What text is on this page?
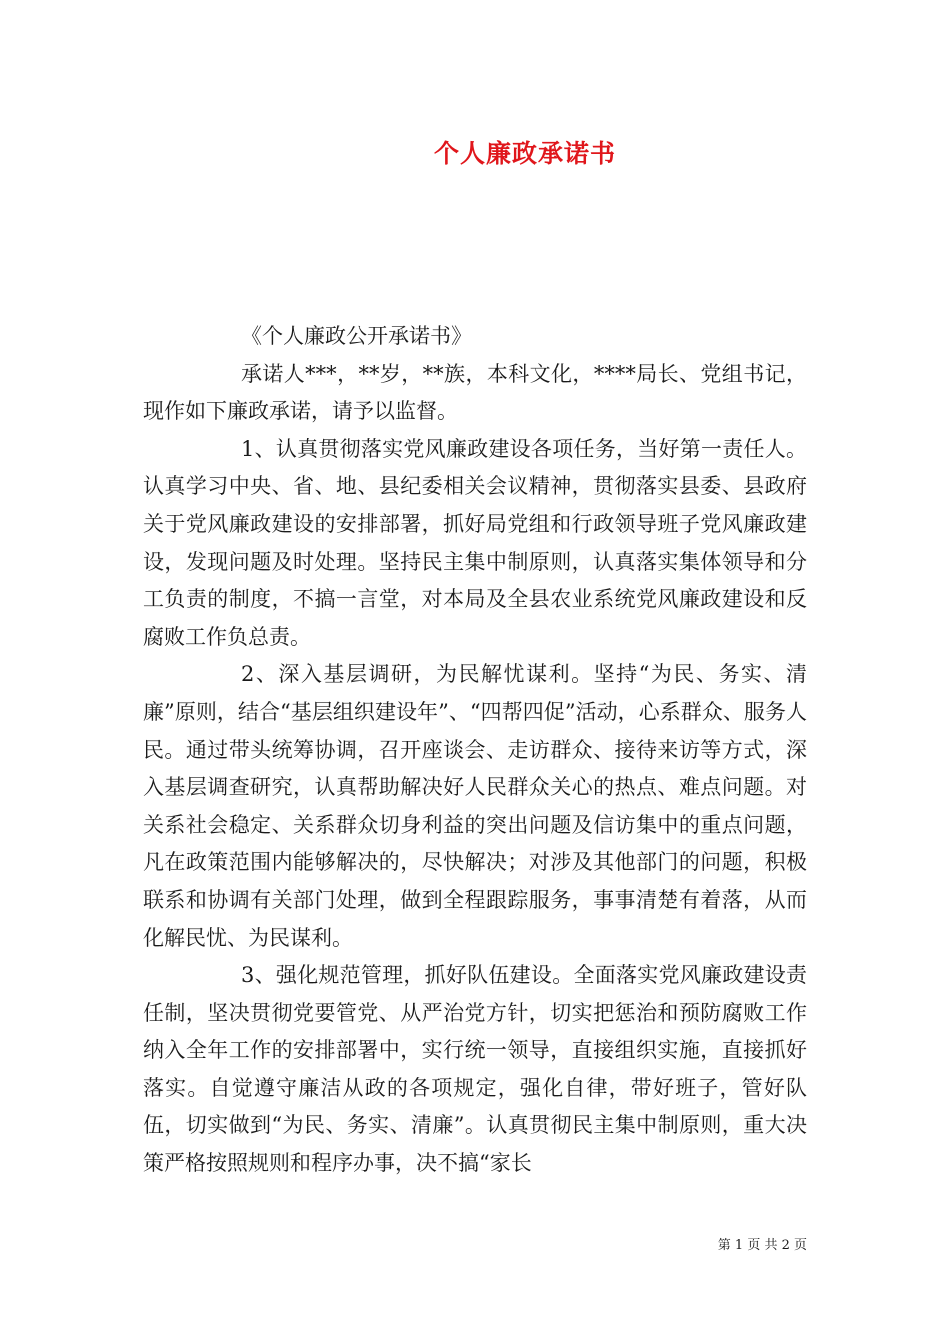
个人廉政承诺书

《个人廉政公开承诺书》

承诺人***，**岁，**族，本科文化，****局长、党组书记，现作如下廉政承诺，请予以监督。

1、认真贯彻落实党风廉政建设各项任务，当好第一责任人。认真学习中央、省、地、县纪委相关会议精神，贯彻落实县委、县政府关于党风廉政建设的安排部署，抓好局党组和行政领导班子党风廉政建设，发现问题及时处理。坚持民主集中制原则，认真落实集体领导和分工负责的制度，不搞一言堂，对本局及全县农业系统党风廉政建设和反腐败工作负总责。

2、深入基层调研，为民解忧谋利。坚持“为民、务实、清廉”原则，结合“基层组织建设年”、“四帮四促”活动，心系群众、服务人民。通过带头统筹协调，召开座谈会、走访群众、接待来访等方式，深入基层调查研究，认真帮助解决好人民群众关心的热点、难点问题。对关系社会稳定、关系群众切身利益的突出问题及信访集中的重点问题，凡在政策范围内能够解决的，尽快解决；对涉及其他部门的问题，积极联系和协调有关部门处理，做到全程跟踪服务，事事清楚有着落，从而化解民忧、为民谋利。

3、强化规范管理，抓好队伍建设。全面落实党风廉政建设责任制，坚决贯彻党要管党、从严治党方针，切实把惩治和预防腐败工作纳入全年工作的安排部署中，实行统一领导，直接组织实施，直接抓好落实。自觉遵守廉洁从政的各项规定，强化自律，带好班子，管好队伍，切实做到“为民、务实、清廉”。认真贯彻民主集中制原则，重大决策严格按照规则和程序办事，决不搞“家长

第 1 页 共 2 页
